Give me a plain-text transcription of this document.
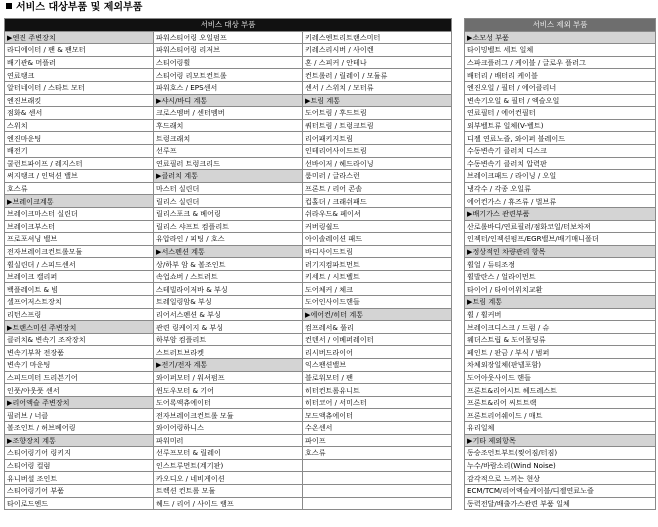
서비스 대상부품 및 제외부품
서비스 대상 부품		
▶엔진 주변장치	파워스티어링 오일펌프	키레스엔트리트랜스미터
라디에이터 / 팬 & 팬모터	파워스티어링 리저브	키레스리시버 / 사이렌
배기관& 머플러	스티어링휠	혼 / 스피커 / 안테나
연료탱크	스티어링 리모트컨트롤	컨트롤러 / 릴레이 / 모듈류
알터네이터 / 스타트 모터	파워호스 / EPS센서	센서 / 스위치 / 모터류
엔진브래킷	▶샤시/바디 계통	▶트림 계통
점화& 센서	크로스멤버 / 센터멤버	도어트림 / 후드트림
스위치	후드래치	쿼터트림 / 트렁크트림
엔진마운팅	트렁크래치	리어패키지트림
배전기	선루프	인테리어사이드트림
쿨런트파이프 / 레지스터	연료필러 트렁크리드	선바이저 / 헤드라이닝
써지탱크 / 인덕션 밸브	▶클러치 계통	룸미러 / 글라스런
호스류	마스터 실린더	프론트 / 리어 콘솔
▶브레이크계통	릴리스 실린더	컵홀더 / 크래쉬패드
브레이크마스터 실린더	릴리스포크 & 베어링	쉬라우드& 페이셔
브레이크부스터	릴리스 샤프트 컴플리트	커버링쉴드
프로포셔닝 밸브	유압라인 / 피팅 / 호스	아이솔레이션 패드
전자브레이크컨트롤모듈	▶서스펜션 계통	바디사이드트림
휠실린더 / 스피드센서	상/하부 암 & 볼조인트	러기지컴파트먼트
브레이크 캘리퍼	속업쇼버 / 스트러트	키세트 / 시트벨트
백플레이트 & 빔	스테빌라이저바 & 부싱	도어체커 / 체크
셀프어저스트장치	트레일링암& 부싱	도어인사이드핸들
리턴스프링	리어서스펜션 & 부싱	▶에어컨/히터 계통
▶트랜스미션 주변장치	관련 링케이지 & 부싱	컴프레서& 풀리
클러치& 변속기 조작장치	하부암 컴플리트	컨덴서 / 이베퍼레이터
변속기부착 전장품	스트러트브라켓	리시버드라이어
변속기 마운팅	▶전기/전자 계통	익스팬션밸브
스피드미터 드리븐기어	와이퍼모터 / 워셔펌프	블로워모터 / 팬
인풋/아웃풋 센서	윈도우모터 & 기어	히터컨트롤유니트
▶리어액슬 주변장치	도어록액츄에이터	히터코어 / 서미스터
필러브 / 너클	전자브레이크컨트롤 모듈	모드액츄에이터
볼조인트 / 허브베어링	와이어링하니스	수온센서
▶조향장치 계통	파워미러	파이프
스티어링기어 링키지	선루프모터 & 릴레이	호스류
스티어링 컬럼	인스트루먼트(계기판)	
유니버셜 조인트	카오디오 / 네비게이션	
스티어링기어 부품	트렉션 컨트롤 모듈	
타이로드엔드	헤드 / 리어 / 사이드 램프	
서비스 제외 부품
▶소모성 부품
타이밍벨트 세트 일체
스파크플러그 / 케이블 / 글로우 플러그
배터리 / 배터리 케이블
엔진오일 / 필터 / 에어클리너
변속기오일 & 필터 / 엑슬오일
연료필터 / 에어컨필터
외부벨트류 일체(V-벨트)
디젤 연료노즐, 와이퍼 블레이드
수동변속기 클러치 디스크
수동변속기 클러치 압력판
브레이크패드 / 라이닝 / 오일
냉각수 / 각종 오일류
에어컨가스 / 휴즈류 / 벌브류
▶배기가스 관련부품
산로롤바디/연료필러/점화코일/터보차져
인젝터/인젝션펌프/EGR밸브/배기매니폴더
▶정상적인 차량관리 항목
휠얼 / 듀티조정
휠발란스 / 얼라이먼트
타이어 / 타이어위치교환
▶트림 계통
휠 / 휠커버
브레이크디스크 / 드럼 / 슈
웨더스트립 & 도어몰딩류
페인트 / 판금 / 부식 / 범퍼
차체외장일체(판넬포함)
도어아웃사이드 핸들
프론트&리어시트 헤드레스트
프론트&리어 씨트트랙
프론트리어쉐이드 / 매트
유리일체
▶기타 제외항목
동승조언트부트(찢어짐/터짐)
누수/바람소리(Wind Noise)
감각적으로 느끼는 현상
ECM/TCM/리어액슬케이블/디젤연료노즐
동력전달/배출가스관련 부품 일체
